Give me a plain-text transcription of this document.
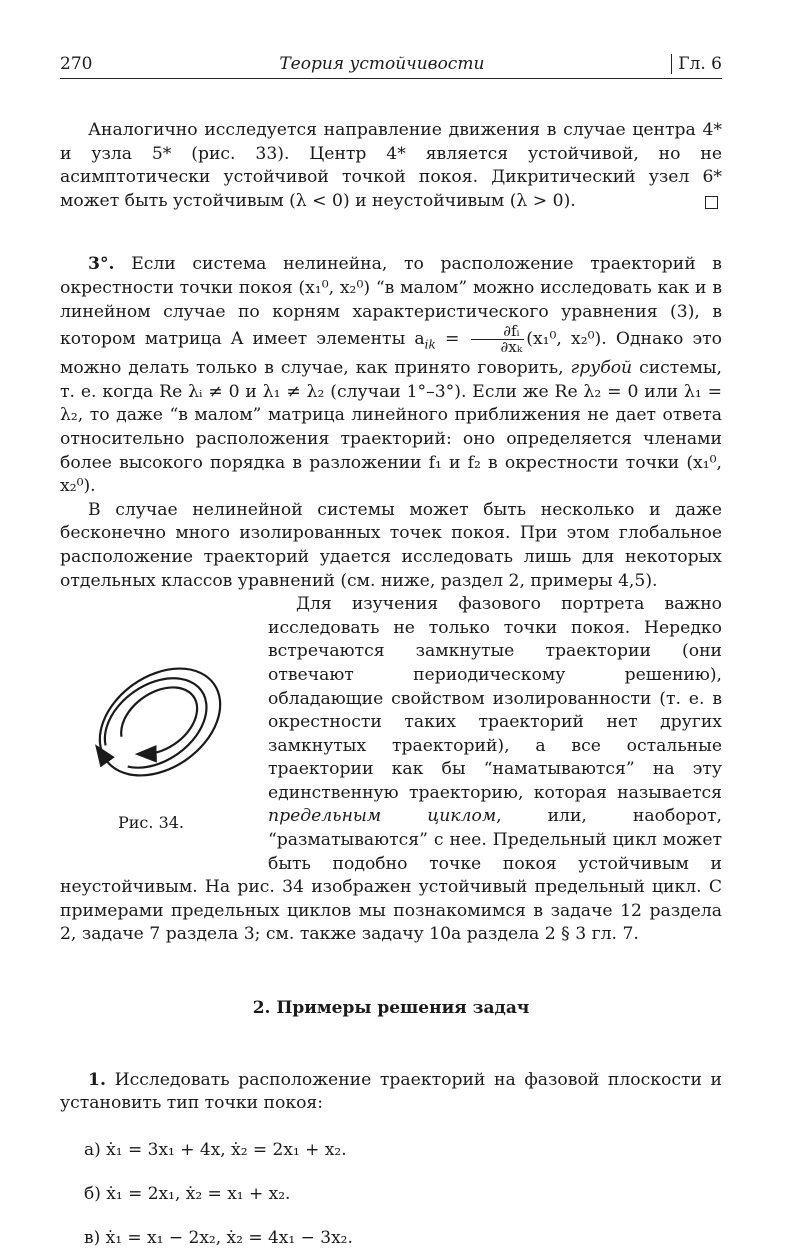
270	Теория устойчивости	Гл. 6

Аналогично исследуется направление движения в случае центра 4* и узла 5* (рис. 33). Центр 4* является устойчивой, но не асимптотически устойчивой точкой покоя. Дикритический узел 6* может быть устойчивым (λ < 0) и неустойчивым (λ > 0).

3°. Если система нелинейна, то расположение траекторий в окрестности точки покоя (x₁⁰, x₂⁰) “в малом” можно исследовать как и в линейном случае по корням характеристического уравнения (3), в котором матрица A имеет элементы $a_{ik} = \frac{\text{∂fᵢ}}{\text{∂xₖ}} (x_1^0$, x₂⁰). Однако это можно делать только в случае, как принято говорить, грубой системы, т. е. когда Re λᵢ ≠ 0 и λ₁ ≠ λ₂ (случаи 1°–3°). Если же Re λ₂ = 0 или λ₁ = λ₂, то даже “в малом” матрица линейного приближения не дает ответа относительно расположения траекторий: оно определяется членами более высокого порядка в разложении f₁ и f₂ в окрестности точки (x₁⁰, x₂⁰).

В случае нелинейной системы может быть несколько и даже бесконечно много изолированных точек покоя. При этом глобальное расположение траекторий удается исследовать лишь для некоторых отдельных классов уравнений (см. ниже, раздел 2, примеры 4,5).

Рис. 34.

Для изучения фазового портрета важно исследовать не только точки покоя. Нередко встречаются замкнутые траектории (они отвечают периодическому решению), обладающие свойством изолированности (т. е. в окрестности таких траекторий нет других замкнутых траекторий), а все остальные траектории как бы “наматываются” на эту единственную траекторию, которая называется предельным циклом, или, наоборот, “разматываются” с нее. Предельный цикл может быть подобно точке покоя устойчивым и неустойчивым. На рис. 34 изображен устойчивый предельный цикл. С примерами предельных циклов мы познакомимся в задаче 12 раздела 2, задаче 7 раздела 3; см. также задачу 10а раздела 2 § 3 гл. 7.

2. Примеры решения задач

1. Исследовать расположение траекторий на фазовой плоскости и установить тип точки покоя:

а) ẋ₁ = 3x₁ + 4x, ẋ₂ = 2x₁ + x₂.
б) ẋ₁ = 2x₁, ẋ₂ = x₁ + x₂.
в) ẋ₁ = x₁ − 2x₂, ẋ₂ = 4x₁ − 3x₂.
